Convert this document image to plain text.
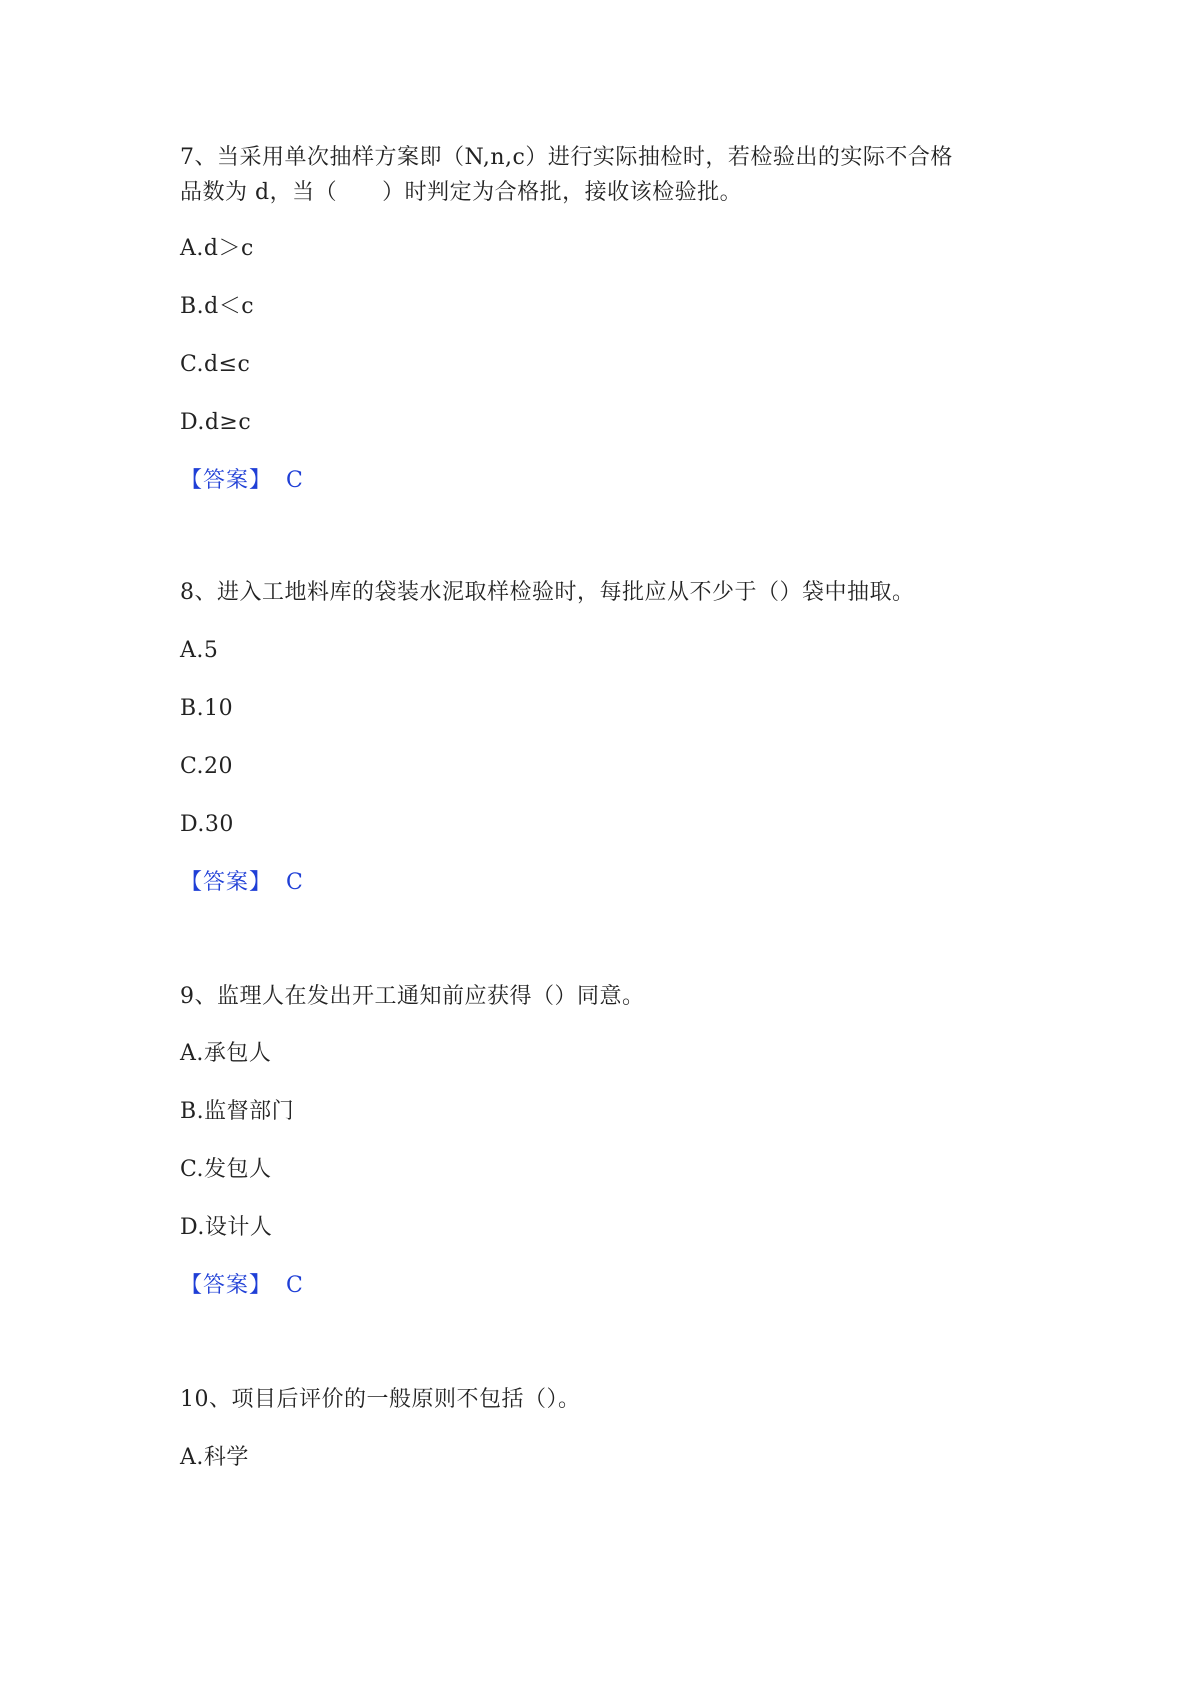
7、当采用单次抽样方案即（N,n,c）进行实际抽检时，若检验出的实际不合格
品数为 d，当（　　）时判定为合格批，接收该检验批。
A.d＞c
B.d＜c
C.d≤c
D.d≥c
【答案】 C
8、进入工地料库的袋装水泥取样检验时，每批应从不少于（）袋中抽取。
A.5
B.10
C.20
D.30
【答案】 C
9、监理人在发出开工通知前应获得（）同意。
A.承包人
B.监督部门
C.发包人
D.设计人
【答案】 C
10、项目后评价的一般原则不包括（）。
A.科学
